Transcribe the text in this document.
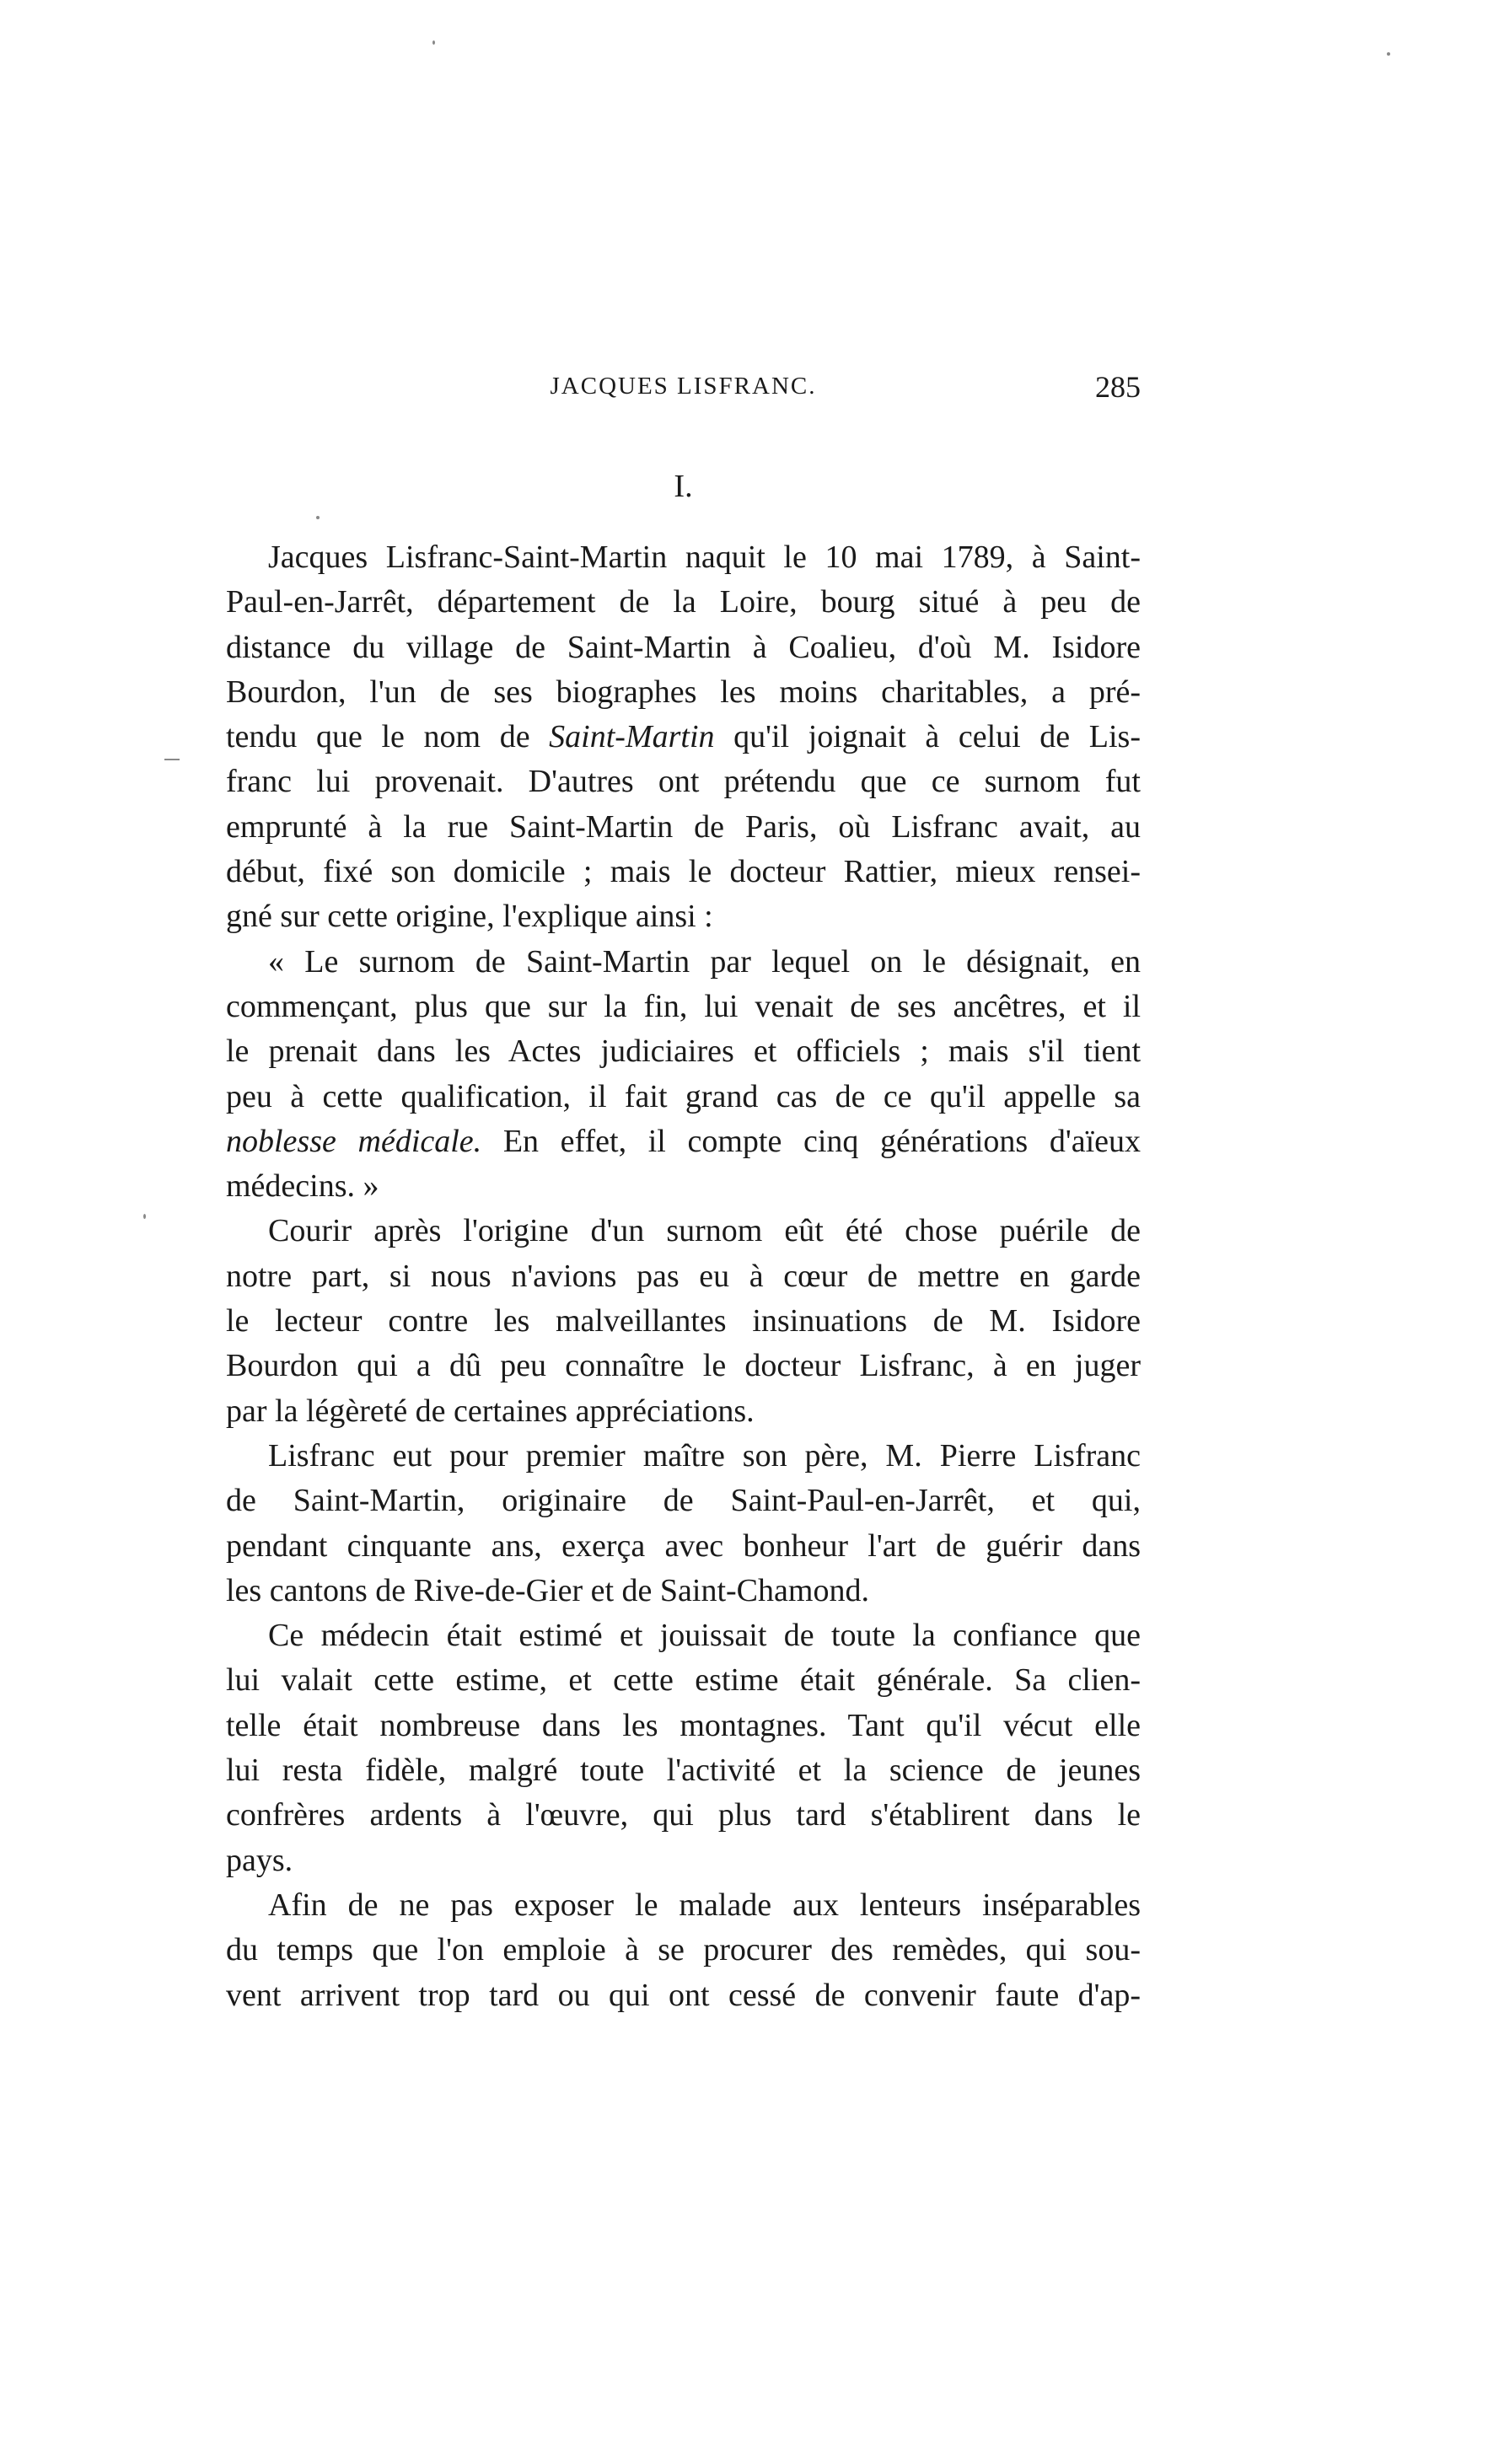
JACQUES LISFRANC.	285
I.
Jacques Lisfranc-Saint-Martin naquit le 10 mai 1789, à Saint-
Paul-en-Jarrêt, département de la Loire, bourg situé à peu de
distance du village de Saint-Martin à Coalieu, d'où M. Isidore
Bourdon, l'un de ses biographes les moins charitables, a pré-
tendu que le nom de Saint-Martin qu'il joignait à celui de Lis-
franc lui provenait. D'autres ont prétendu que ce surnom fut
emprunté à la rue Saint-Martin de Paris, où Lisfranc avait, au
début, fixé son domicile ; mais le docteur Rattier, mieux rensei-
gné sur cette origine, l'explique ainsi :
« Le surnom de Saint-Martin par lequel on le désignait, en
commençant, plus que sur la fin, lui venait de ses ancêtres, et il
le prenait dans les Actes judiciaires et officiels ; mais s'il tient
peu à cette qualification, il fait grand cas de ce qu'il appelle sa
noblesse médicale. En effet, il compte cinq générations d'aïeux
médecins. »
Courir après l'origine d'un surnom eût été chose puérile de
notre part, si nous n'avions pas eu à cœur de mettre en garde
le lecteur contre les malveillantes insinuations de M. Isidore
Bourdon qui a dû peu connaître le docteur Lisfranc, à en juger
par la légèreté de certaines appréciations.
Lisfranc eut pour premier maître son père, M. Pierre Lisfranc
de Saint-Martin, originaire de Saint-Paul-en-Jarrêt, et qui,
pendant cinquante ans, exerça avec bonheur l'art de guérir dans
les cantons de Rive-de-Gier et de Saint-Chamond.
Ce médecin était estimé et jouissait de toute la confiance que
lui valait cette estime, et cette estime était générale. Sa clien-
telle était nombreuse dans les montagnes. Tant qu'il vécut elle
lui resta fidèle, malgré toute l'activité et la science de jeunes
confrères ardents à l'œuvre, qui plus tard s'établirent dans le
pays.
Afin de ne pas exposer le malade aux lenteurs inséparables
du temps que l'on emploie à se procurer des remèdes, qui sou-
vent arrivent trop tard ou qui ont cessé de convenir faute d'ap-
